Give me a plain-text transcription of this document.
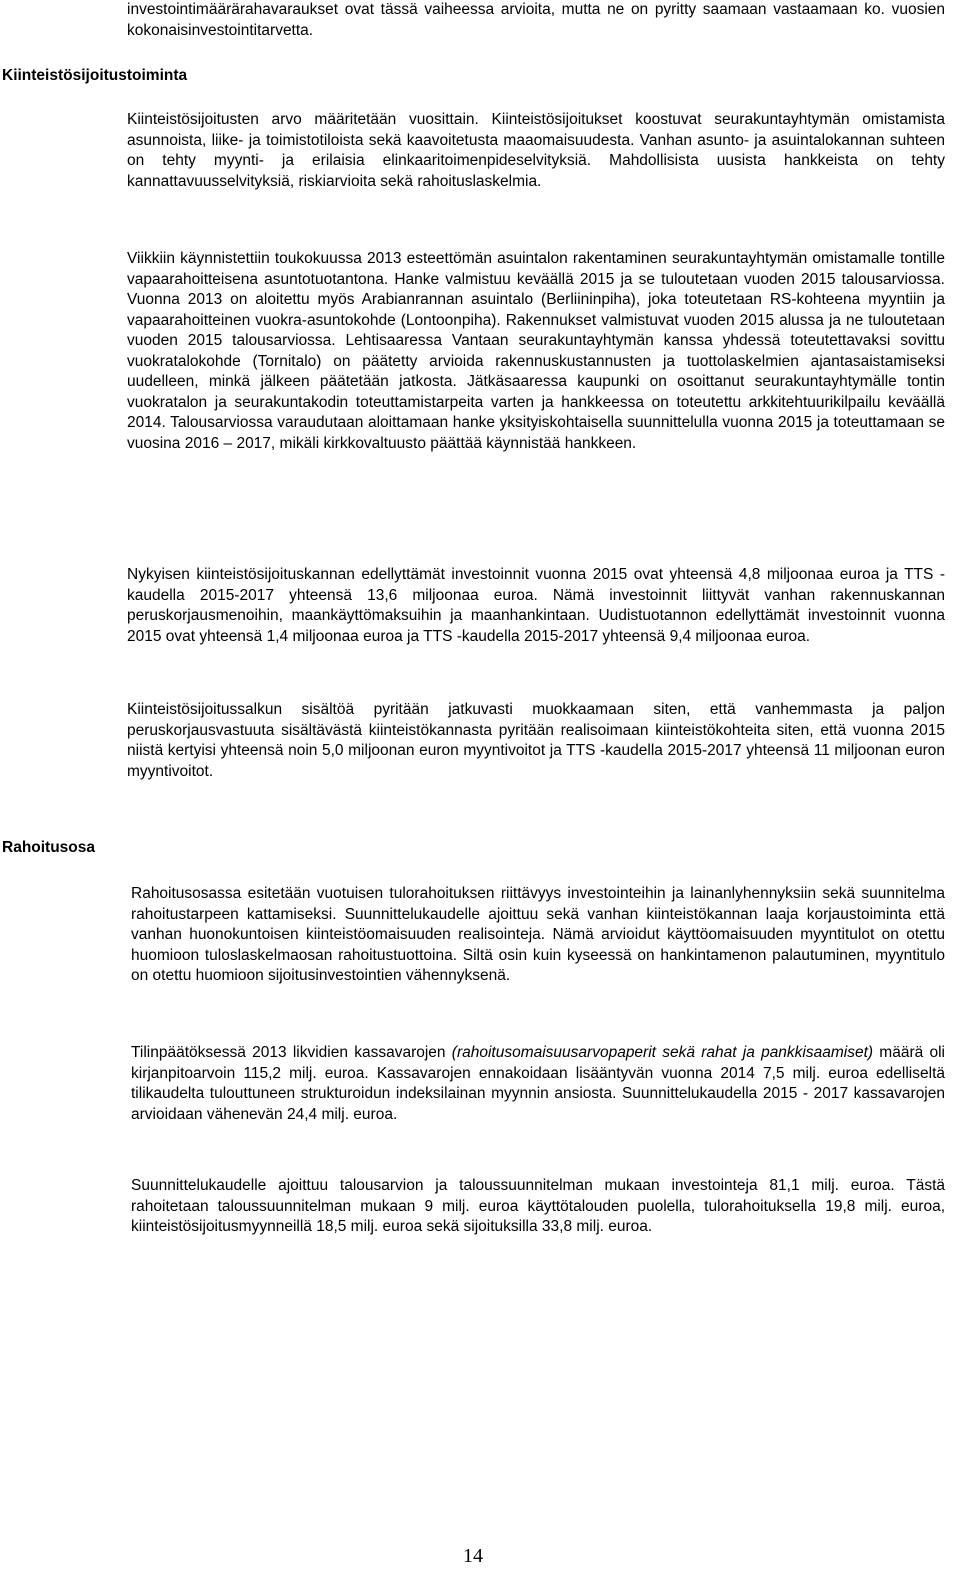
investointimäärärahavaraukset ovat tässä vaiheessa arvioita, mutta ne on pyritty saamaan vastaamaan ko. vuosien kokonaisinvestointitarvetta.

Kiinteistösijoitustoiminta

Kiinteistösijoitusten arvo määritetään vuosittain. Kiinteistösijoitukset koostuvat seurakuntayhtymän omistamista asunnoista, liike- ja toimistotiloista sekä kaavoitetusta maaomaisuudesta. Vanhan asunto- ja asuintalokannan suhteen on tehty myynti- ja erilaisia elinkaaritoimenpideselvityksiä. Mahdollisista uusista hankkeista on tehty kannattavuusselvityksiä, riskiarvioita sekä rahoituslaskelmia.

Viikkiin käynnistettiin toukokuussa 2013 esteettömän asuintalon rakentaminen seurakuntayhtymän omistamalle tontille vapaarahoitteisena asuntotuotantona. Hanke valmistuu keväällä 2015 ja se tuloutetaan vuoden 2015 talousarviossa. Vuonna 2013 on aloitettu myös Arabianrannan asuintalo (Berliininpiha), joka toteutetaan RS-kohteena myyntiin ja vapaarahoitteinen vuokra-asuntokohde (Lontoonpiha). Rakennukset valmistuvat vuoden 2015 alussa ja ne tuloutetaan vuoden 2015 talousarviossa. Lehtisaaressa Vantaan seurakuntayhtymän kanssa yhdessä toteutettavaksi sovittu vuokratalokohde (Tornitalo) on päätetty arvioida rakennuskustannusten ja tuottolaskelmien ajantasaistamiseksi uudelleen, minkä jälkeen päätetään jatkosta. Jätkäsaaressa kaupunki on osoittanut seurakuntayhtymälle tontin vuokratalon ja seurakuntakodin toteuttamistarpeita varten ja hankkeessa on toteutettu arkkitehtuurikilpailu keväällä 2014. Talousarviossa varaudutaan aloittamaan hanke yksityiskohtaisella suunnittelulla vuonna 2015 ja toteuttamaan se vuosina 2016 – 2017, mikäli kirkkovaltuusto päättää käynnistää hankkeen.

Nykyisen kiinteistösijoituskannan edellyttämät investoinnit vuonna 2015 ovat yhteensä 4,8 miljoonaa euroa ja TTS -kaudella 2015-2017 yhteensä 13,6 miljoonaa euroa. Nämä investoinnit liittyvät vanhan rakennuskannan peruskorjausmenoihin, maankäyttömaksuihin ja maanhankintaan. Uudistuotannon edellyttämät investoinnit vuonna 2015 ovat yhteensä 1,4 miljoonaa euroa ja TTS -kaudella 2015-2017 yhteensä 9,4 miljoonaa euroa.

Kiinteistösijoitussalkun sisältöä pyritään jatkuvasti muokkaamaan siten, että vanhemmasta ja paljon peruskorjausvastuuta sisältävästä kiinteistökannasta pyritään realisoimaan kiinteistökohteita siten, että vuonna 2015 niistä kertyisi yhteensä noin 5,0 miljoonan euron myyntivoitot ja TTS -kaudella 2015-2017 yhteensä 11 miljoonan euron myyntivoitot.

Rahoitusosa

Rahoitusosassa esitetään vuotuisen tulorahoituksen riittävyys investointeihin ja lainanlyhennyksiin sekä suunnitelma rahoitustarpeen kattamiseksi. Suunnittelukaudelle ajoittuu sekä vanhan kiinteistökannan laaja korjaustoiminta että vanhan huonokuntoisen kiinteistöomaisuuden realisointeja. Nämä arvioidut käyttöomaisuuden myyntitulot on otettu huomioon tuloslaskelmaosan rahoitustuottoina. Siltä osin kuin kyseessä on hankintamenon palautuminen, myyntitulo on otettu huomioon sijoitusinvestointien vähennyksenä.

Tilinpäätöksessä 2013 likvidien kassavarojen (rahoitusomaisuusarvopaperit sekä rahat ja pankkisaamiset) määrä oli kirjanpitoarvoin 115,2 milj. euroa. Kassavarojen ennakoidaan lisääntyvän vuonna 2014 7,5 milj. euroa edelliseltä tilikaudelta tulouttuneen strukturoidun indeksilainan myynnin ansiosta. Suunnittelukaudella 2015 - 2017 kassavarojen arvioidaan vähenevän 24,4 milj. euroa.

Suunnittelukaudelle ajoittuu talousarvion ja taloussuunnitelman mukaan investointeja 81,1 milj. euroa. Tästä rahoitetaan taloussuunnitelman mukaan 9 milj. euroa käyttötalouden puolella, tulorahoituksella 19,8 milj. euroa, kiinteistösijoitusmyynneillä 18,5 milj. euroa sekä sijoituksilla 33,8 milj. euroa.

14
